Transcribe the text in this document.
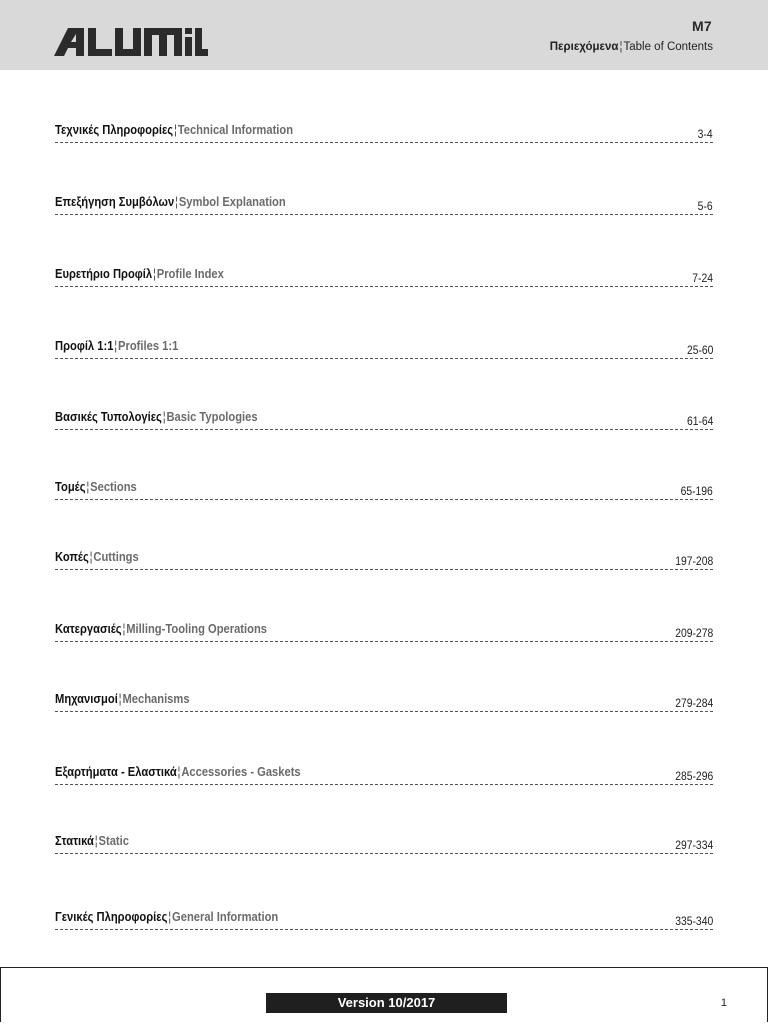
M7
Περιεχόμενα¦Table of Contents
Τεχνικές Πληροφορίες¦Technical Information	3-4
Επεξήγηση Συμβόλων¦Symbol Explanation	5-6
Ευρετήριο Προφίλ¦Profile Index	7-24
Προφίλ 1:1¦Profiles 1:1	25-60
Βασικές Τυπολογίες¦Basic Typologies	61-64
Τομές¦Sections	65-196
Κοπές¦Cuttings	197-208
Κατεργασιές¦Milling-Tooling Operations	209-278
Μηχανισμοί¦Mechanisms	279-284
Εξαρτήματα - Ελαστικά¦Accessories - Gaskets	285-296
Στατικά¦Static	297-334
Γενικές Πληροφορίες¦General Information	335-340
Version 10/2017	1
